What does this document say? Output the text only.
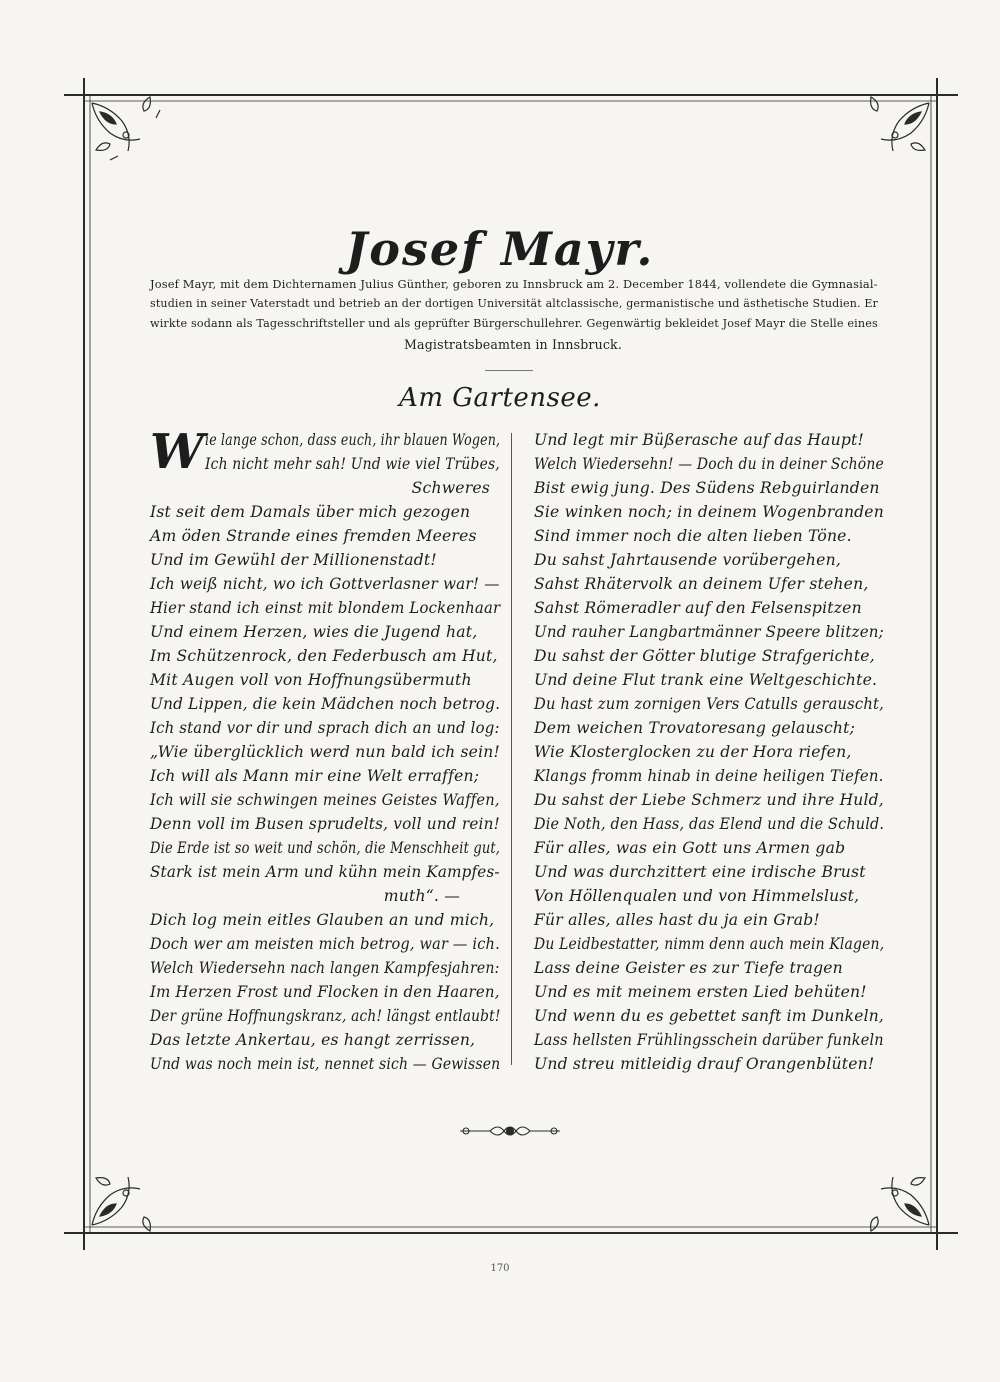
Josef Mayr.
Josef Mayr, mit dem Dichternamen Julius Günther, geboren zu Innsbruck am 2. December 1844, vollendete die Gymnasial-
studien in seiner Vaterstadt und betrieb an der dortigen Universität altclassische, germanistische und ästhetische Studien. Er
wirkte sodann als Tagesschriftsteller und als geprüfter Bürgerschullehrer. Gegenwärtig bekleidet Josef Mayr die Stelle eines
Magistratsbeamten in Innsbruck.
Am Gartensee.
W ie lange schon, dass euch, ihr blauen Wogen,
Ich nicht mehr sah! Und wie viel Trübes,
Schweres
Ist seit dem Damals über mich gezogen
Am öden Strande eines fremden Meeres
Und im Gewühl der Millionenstadt!
Ich weiß nicht, wo ich Gottverlasner war! —
Hier stand ich einst mit blondem Lockenhaar
Und einem Herzen, wies die Jugend hat,
Im Schützenrock, den Federbusch am Hut,
Mit Augen voll von Hoffnungsübermuth
Und Lippen, die kein Mädchen noch betrog.
Ich stand vor dir und sprach dich an und log:
„Wie überglücklich werd nun bald ich sein!
Ich will als Mann mir eine Welt erraffen;
Ich will sie schwingen meines Geistes Waffen,
Denn voll im Busen sprudelts, voll und rein!
Die Erde ist so weit und schön, die Menschheit gut,
Stark ist mein Arm und kühn mein Kampfes-
muth“. —
Dich log mein eitles Glauben an und mich,
Doch wer am meisten mich betrog, war — ich.
Welch Wiedersehn nach langen Kampfesjahren:
Im Herzen Frost und Flocken in den Haaren,
Der grüne Hoffnungskranz, ach! längst entlaubt!
Das letzte Ankertau, es hangt zerrissen,
Und was noch mein ist, nennet sich — Gewissen
Und legt mir Büßerasche auf das Haupt!
Welch Wiedersehn! — Doch du in deiner Schöne
Bist ewig jung. Des Südens Rebguirlanden
Sie winken noch; in deinem Wogenbranden
Sind immer noch die alten lieben Töne.
Du sahst Jahrtausende vorübergehen,
Sahst Rhätervolk an deinem Ufer stehen,
Sahst Römeradler auf den Felsenspitzen
Und rauher Langbartmänner Speere blitzen;
Du sahst der Götter blutige Strafgerichte,
Und deine Flut trank eine Weltgeschichte.
Du hast zum zornigen Vers Catulls gerauscht,
Dem weichen Trovatoresang gelauscht;
Wie Klosterglocken zu der Hora riefen,
Klangs fromm hinab in deine heiligen Tiefen.
Du sahst der Liebe Schmerz und ihre Huld,
Die Noth, den Hass, das Elend und die Schuld.
Für alles, was ein Gott uns Armen gab
Und was durchzittert eine irdische Brust
Von Höllenqualen und von Himmelslust,
Für alles, alles hast du ja ein Grab!
Du Leidbestatter, nimm denn auch mein Klagen,
Lass deine Geister es zur Tiefe tragen
Und es mit meinem ersten Lied behüten!
Und wenn du es gebettet sanft im Dunkeln,
Lass hellsten Frühlingsschein darüber funkeln
Und streu mitleidig drauf Orangenblüten!
170
